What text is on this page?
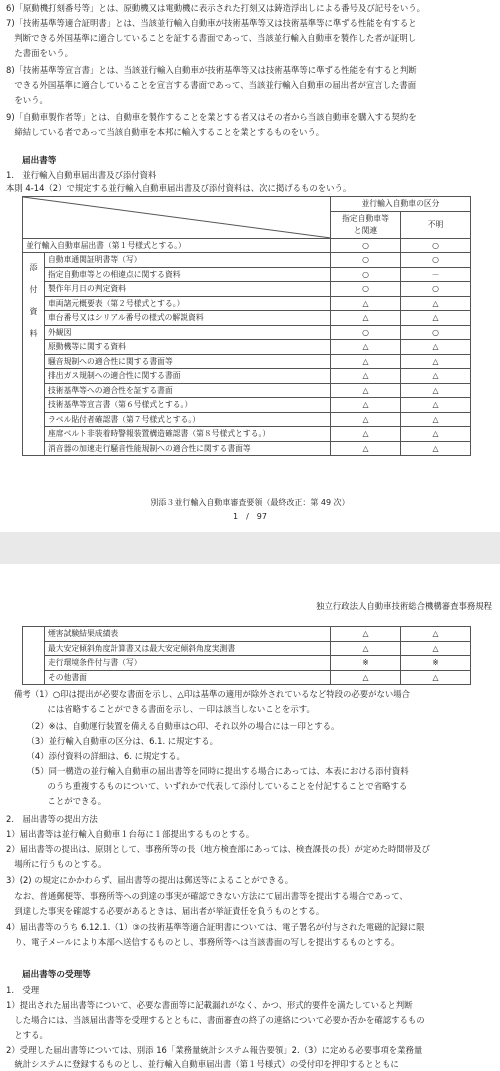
6)「原動機打刻番号等」とは、原動機又は電動機に表示された打刻又は鋳造浮出しによる番号及び記号をいう。
7)「技術基準等適合証明書」とは、当該並行輸入自動車が技術基準等又は技術基準等に準ずる性能を有すると
　判断できる外国基準に適合していることを証する書面であって、当該並行輸入自動車を製作した者が証明し
　た書面をいう。
8)「技術基準等宣言書」とは、当該並行輸入自動車が技術基準等又は技術基準等に準ずる性能を有すると判断
　できる外国基準に適合していることを宣言する書面であって、当該並行輸入自動車の届出者が宣言した書面
　をいう。
9)「自動車製作者等」とは、自動車を製作することを業とする者又はその者から当該自動車を購入する契約を
　締結している者であって当該自動車を本邦に輸入することを業とするものをいう。
届出書等
1.　並行輸入自動車届出書及び添付資料
本則 4-14（2）で規定する並行輸入自動車届出書及び添付資料は、次に掲げるものをいう。
	並行輸入自動車の区分	
		指定自動車等
と関連	不明
並行輸入自動車届出書（第１号様式とする。）		○	○

添付資料	自動車通関証明書等（写）	○	○
	指定自動車等との相違点に関する資料	○	－
	製作年月日の判定資料	○	○
	車両諸元概要表（第２号様式とする。）	△	△
	車台番号又はシリアル番号の様式の解説資料	△	△
	外観図	○	○
	原動機等に関する資料	△	△
	騒音規制への適合性に関する書面等	△	△
	排出ガス規制への適合性に関する書面	△	△
	技術基準等への適合性を証する書面	△	△
	技術基準等宣言書（第６号様式とする。）	△	△
	ラベル貼付者確認書（第７号様式とする。）	△	△
	座席ベルト非装着時警報装置構造確認書（第８号様式とする。）	△	△
	消音器の加速走行騒音性能規制への適合性に関する書面等	△	△
別添３並行輸入自動車審査要領（最終改正：第 49 次）
1　/　97
独立行政法人自動車技術総合機構審査事務規程
	煙害試験結果成績表	△	△
	最大安定傾斜角度計算書又は最大安定傾斜角度実測書	△	△
	走行環境条件付与書（写）	※	※
	その他書面	△	△
備考（1）○印は提出が必要な書面を示し、△印は基準の適用が除外されているなど特段の必要がない場合
　　　　には省略することができる書面を示し、－印は該当しないことを示す。
　　（2）※は、自動運行装置を備える自動車は○印、それ以外の場合には－印とする。
　　（3）並行輸入自動車の区分は、6.1. に規定する。
　　（4）添付資料の詳細は、6. に規定する。
　　（5）同一構造の並行輸入自動車の届出書等を同時に提出する場合にあっては、本表における添付資料
　　　　のうち重複するものについて、いずれかで代表して添付していることを付記することで省略する
　　　　ことができる。
2.　届出書等の提出方法
1）届出書等は並行輸入自動車１台毎に１部提出するものとする。
2）届出書等の提出は、原則として、事務所等の長（地方検査部にあっては、検査課長の長）が定めた時間帯及び
　場所に行うものとする。
3）(2) の規定にかかわらず、届出書等の提出は郵送等によることができる。
　なお、普通郵便等、事務所等への到達の事実が確認できない方法にて届出書等を提出する場合であって、
　到達した事実を確認する必要があるときは、届出者が挙証責任を負うものとする。
4）届出書等のうち 6.12.1.（1）③の技術基準等適合証明書については、電子署名が付与された電磁的記録に限
　り、電子メールにより本部へ送信するものとし、事務所等へは当該書面の写しを提出するものとする。
届出書等の受理等
1.　受理
1）提出された届出書等について、必要な書面等に記載漏れがなく、かつ、形式的要件を満たしていると判断
　した場合には、当該届出書等を受理するとともに、書面審査の終了の連絡について必要か否かを確認するもの
　とする。
2）受理した届出書等については、別添 16「業務量統計システム報告要領」2.（3）に定める必要事項を業務量
　統計システムに登録するものとし、並行輸入自動車届出書（第１号様式）の受付印を押印するとともに
